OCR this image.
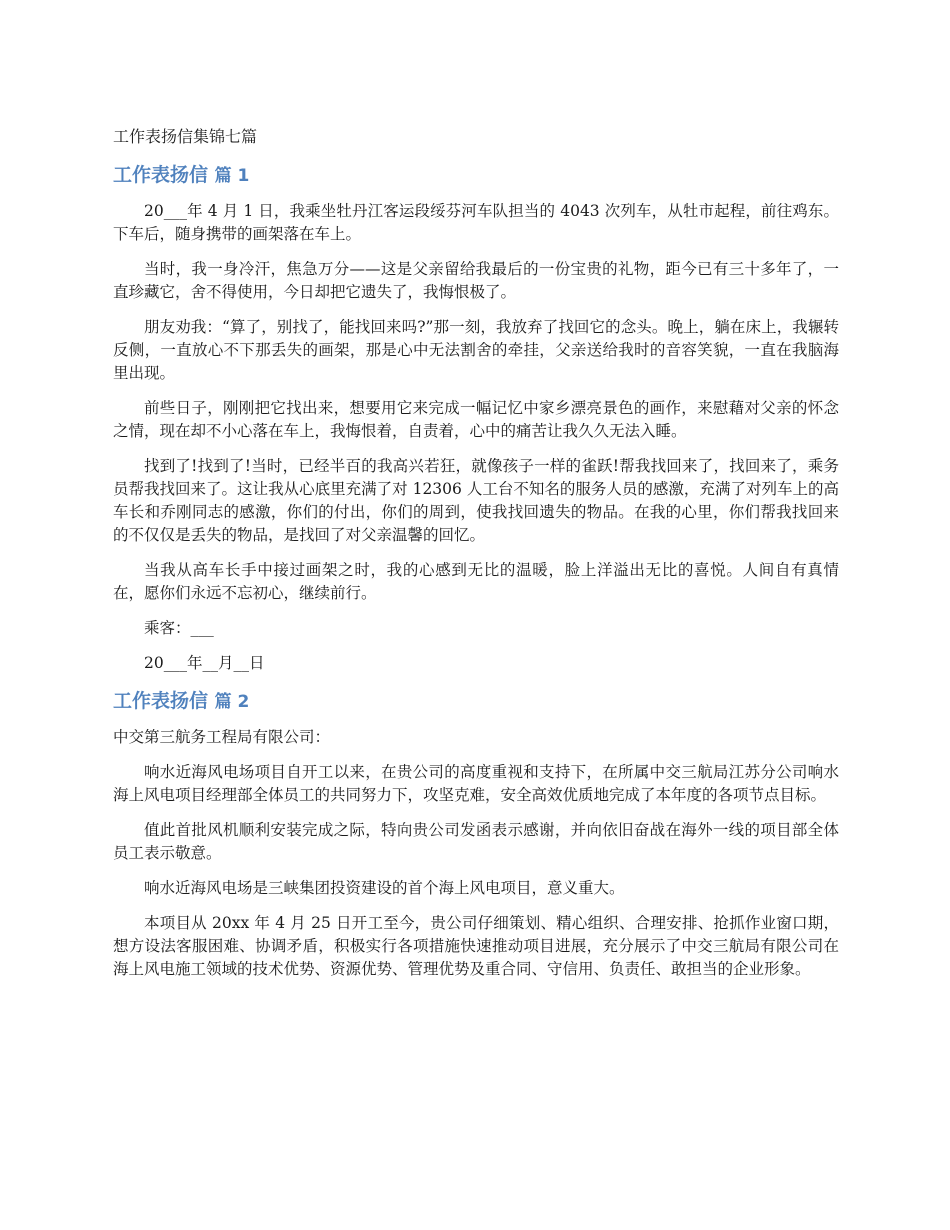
工作表扬信集锦七篇
工作表扬信 篇 1

20___年 4 月 1 日，我乘坐牡丹江客运段绥芬河车队担当的 4043 次列车，从牡市起程，前往鸡东。下车后，随身携带的画架落在车上。

当时，我一身冷汗，焦急万分——这是父亲留给我最后的一份宝贵的礼物，距今已有三十多年了，一直珍藏它，舍不得使用，今日却把它遗失了，我悔恨极了。

朋友劝我：“算了，别找了，能找回来吗?”那一刻，我放弃了找回它的念头。晚上，躺在床上，我辗转反侧，一直放心不下那丢失的画架，那是心中无法割舍的牵挂，父亲送给我时的音容笑貌，一直在我脑海里出现。

前些日子，刚刚把它找出来，想要用它来完成一幅记忆中家乡漂亮景色的画作，来慰藉对父亲的怀念之情，现在却不小心落在车上，我悔恨着，自责着，心中的痛苦让我久久无法入睡。

找到了!找到了!当时，已经半百的我高兴若狂，就像孩子一样的雀跃!帮我找回来了，找回来了，乘务员帮我找回来了。这让我从心底里充满了对 12306 人工台不知名的服务人员的感激，充满了对列车上的高车长和乔刚同志的感激，你们的付出，你们的周到，使我找回遗失的物品。在我的心里，你们帮我找回来的不仅仅是丢失的物品，是找回了对父亲温馨的回忆。

当我从高车长手中接过画架之时，我的心感到无比的温暖，脸上洋溢出无比的喜悦。人间自有真情在，愿你们永远不忘初心，继续前行。

乘客：___

20___年__月__日

工作表扬信 篇 2

中交第三航务工程局有限公司：

响水近海风电场项目自开工以来，在贵公司的高度重视和支持下，在所属中交三航局江苏分公司响水海上风电项目经理部全体员工的共同努力下，攻坚克难，安全高效优质地完成了本年度的各项节点目标。

值此首批风机顺利安装完成之际，特向贵公司发函表示感谢，并向依旧奋战在海外一线的项目部全体员工表示敬意。

响水近海风电场是三峡集团投资建设的首个海上风电项目，意义重大。

本项目从 20xx 年 4 月 25 日开工至今，贵公司仔细策划、精心组织、合理安排、抢抓作业窗口期，想方设法客服困难、协调矛盾，积极实行各项措施快速推动项目进展，充分展示了中交三航局有限公司在海上风电施工领域的技术优势、资源优势、管理优势及重合同、守信用、负责任、敢担当的企业形象。
